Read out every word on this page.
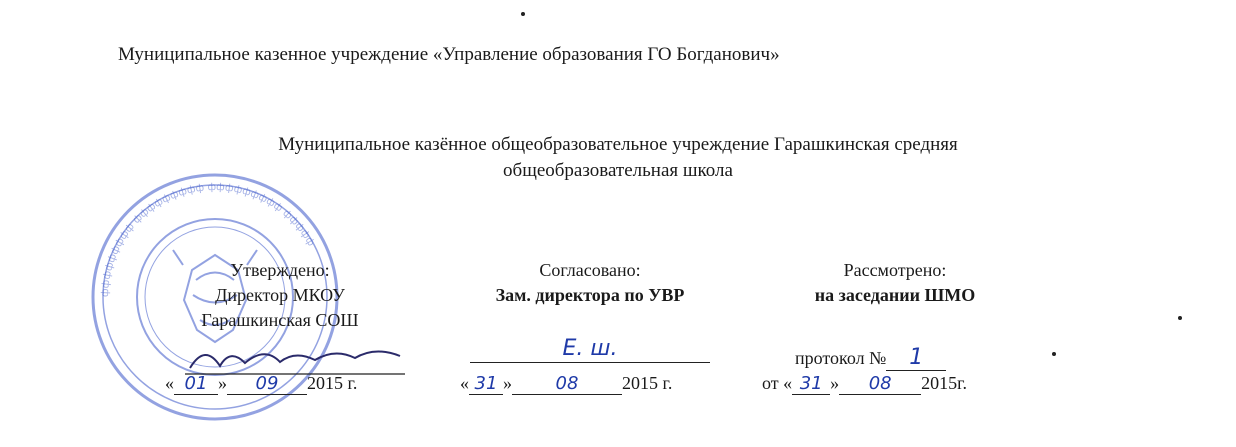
ффффффффф ффффффффф ффффффффф ффффф
Муниципальное казенное учреждение «Управление образования ГО Богданович»
Муниципальное казённое общеобразовательное учреждение Гарашкинская средняя
общеобразовательная школа
Утверждено:
Директор МКОУ
Гарашкинская СОШ
« 01 » 09 2015 г.
Согласовано:
Зам. директора по УВР
Е. ш.
« 31 » 08 2015 г.
Рассмотрено:
на заседании ШМО
протокол № 1
от « 31 » 08 2015г.
